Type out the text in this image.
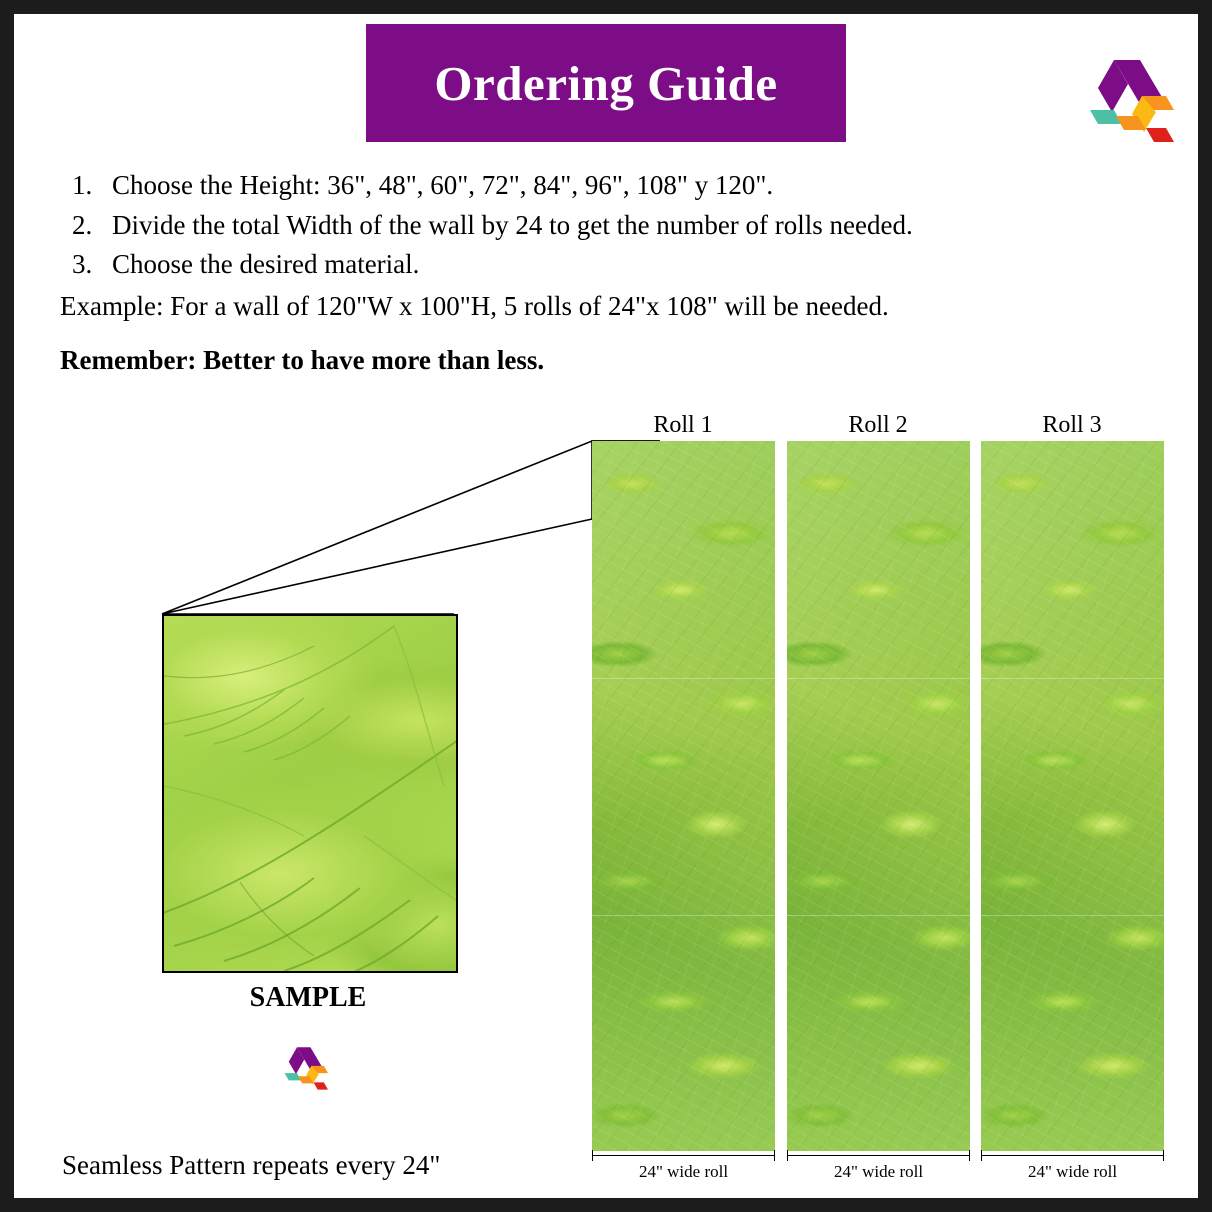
Ordering Guide
1. Choose the Height: 36", 48", 60", 72", 84", 96", 108" y 120".
2. Divide the total Width of the wall by 24 to get the number of rolls needed.
3. Choose the desired material.
Example: For a wall of 120"W x 100"H, 5 rolls of 24"x 108" will be needed.
Remember: Better to have more than less.
Roll 1	Roll 2	Roll 3
24" wide roll	24" wide roll	24" wide roll
SAMPLE
Seamless Pattern repeats every 24"
